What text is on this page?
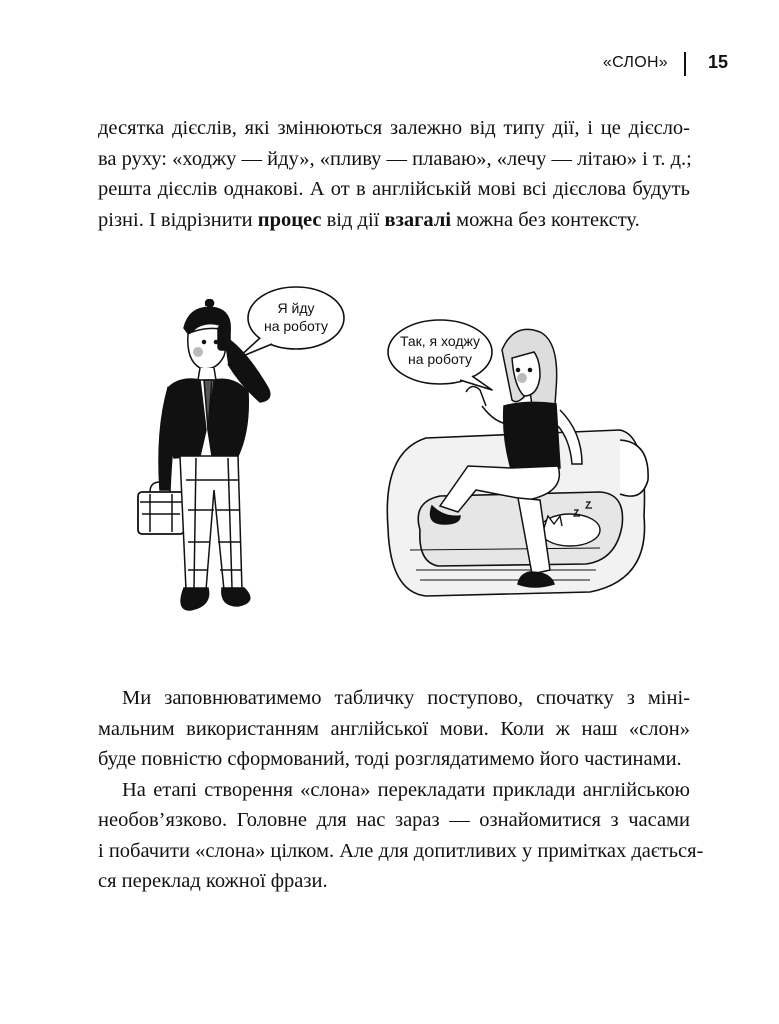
«СЛОН» 15
десятка дієслів, які змінюються залежно від типу дії, і це дієсло-
ва руху: «ходжу — йду», «пливу — плаваю», «лечу — літаю» і т. д.;
решта дієслів однакові. А от в англійській мові всі дієслова будуть
різні. І відрізнити процес від дії взагалі можна без контексту.
Я йду
на роботу
Так, я ходжу
на роботу
Ми заповнюватимемо табличку поступово, спочатку з міні-
мальним використанням англійської мови. Коли ж наш «слон»
буде повністю сформований, тоді розглядатимемо його частинами.
На етапі створення «слона» перекладати приклади англійською
необов’язково. Головне для нас зараз — ознайомитися з часами
і побачити «слона» цілком. Але для допитливих у примітках дається-
ся переклад кожної фрази.
